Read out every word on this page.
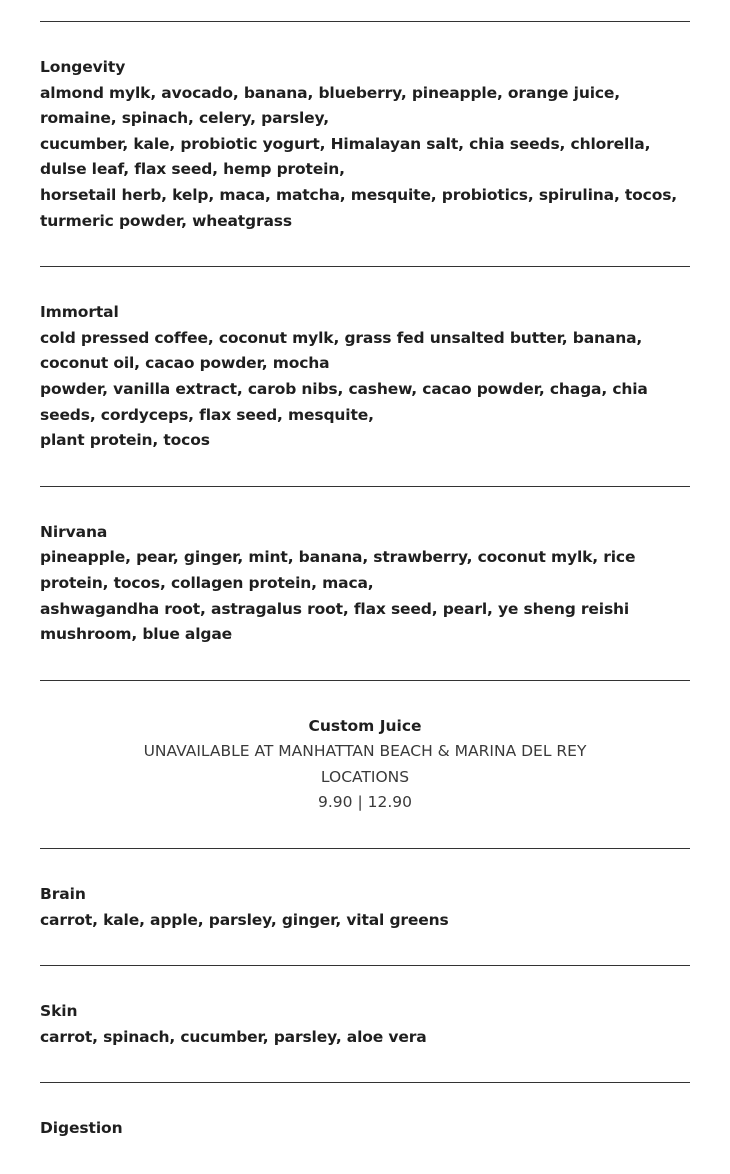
Longevity
almond mylk, avocado, banana, blueberry, pineapple, orange juice, romaine, spinach, celery, parsley,
cucumber, kale, probiotic yogurt, Himalayan salt, chia seeds, chlorella, dulse leaf, flax seed, hemp protein,
horsetail herb, kelp, maca, matcha, mesquite, probiotics, spirulina, tocos, turmeric powder, wheatgrass
Immortal
cold pressed coffee, coconut mylk, grass fed unsalted butter, banana, coconut oil, cacao powder, mocha
powder, vanilla extract, carob nibs, cashew, cacao powder, chaga, chia seeds, cordyceps, flax seed, mesquite,
plant protein, tocos
Nirvana
pineapple, pear, ginger, mint, banana, strawberry, coconut mylk, rice protein, tocos, collagen protein, maca,
ashwagandha root, astragalus root, flax seed, pearl, ye sheng reishi mushroom, blue algae
Custom Juice
UNAVAILABLE AT MANHATTAN BEACH & MARINA DEL REY LOCATIONS
9.90 | 12.90
Brain
carrot, kale, apple, parsley, ginger, vital greens
Skin
carrot, spinach, cucumber, parsley, aloe vera
Digestion
